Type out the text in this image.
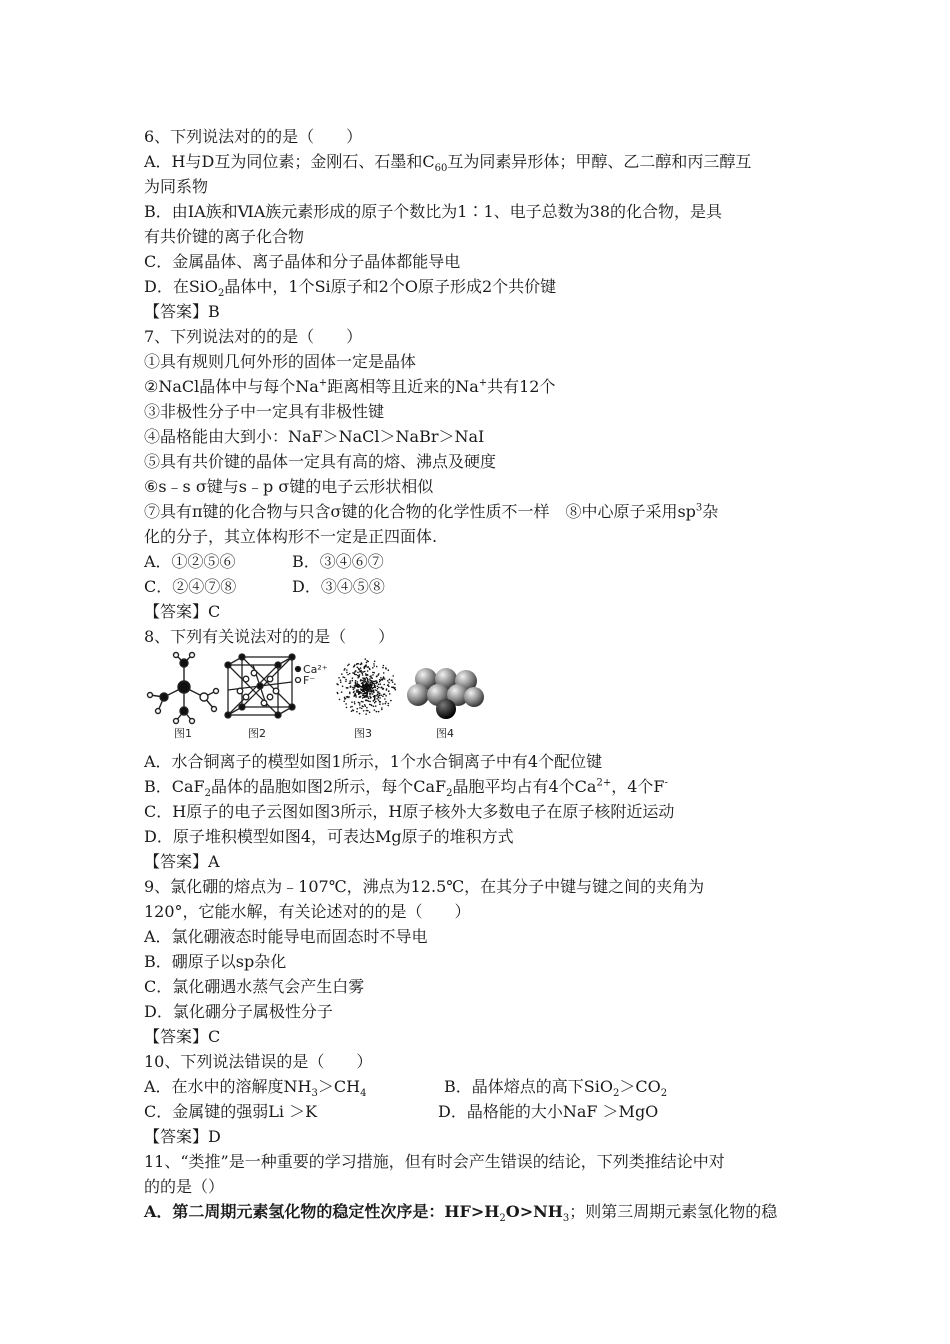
6、下列说法对的的是（　　）
A．H与D互为同位素；金刚石、石墨和$C_{60}$互为同素异形体；甲醇、乙二醇和丙三醇互
为同系物
B．由ⅠA族和ⅥA族元素形成的原子个数比为1∶1、电子总数为38的化合物，是具
有共价键的离子化合物
C．金属晶体、离子晶体和分子晶体都能导电
D．在SiO$_2$晶体中，1个Si原子和2个O原子形成2个共价键
【答案】B
7、下列说法对的的是（　　）
①具有规则几何外形的固体一定是晶体
②NaCl晶体中与每个Na+距离相等且近来的Na+共有12个
③非极性分子中一定具有非极性键
④晶格能由大到小：NaF＞NaCl＞NaBr＞NaI
⑤具有共价键的晶体一定具有高的熔、沸点及硬度
⑥s﹣s σ键与s﹣p σ键的电子云形状相似
⑦具有π键的化合物与只含σ键的化合物的化学性质不一样　⑧中心原子采用$sp^3$杂
化的分子，其立体构形不一定是正四面体.
A．①②⑤⑥	B．③④⑥⑦
C．②④⑦⑧	D．③④⑤⑧
【答案】C
8、下列有关说法对的的是（　　）
图1
Ca²⁺
F⁻
图2	图3	图4
A．水合铜离子的模型如图1所示，1个水合铜离子中有4个配位键
B．CaF$_2$晶体的晶胞如图2所示，每个CaF$_2$晶胞平均占有4个$Ca^{2+}$，4个F-
C．H原子的电子云图如图3所示，H原子核外大多数电子在原子核附近运动
D．原子堆积模型如图4，可表达Mg原子的堆积方式
【答案】A
9、氯化硼的熔点为﹣107℃，沸点为12.5℃，在其分子中键与键之间的夹角为
120°，它能水解，有关论述对的的是（　　）
A．氯化硼液态时能导电而固态时不导电
B．硼原子以sp杂化
C．氯化硼遇水蒸气会产生白雾
D．氯化硼分子属极性分子
【答案】C
10、下列说法错误的是（　　）
A．在水中的溶解度$NH_3>CH_4$	B．晶体熔点的高下$SiO_2>CO_2$
C．金属键的强弱Li ＞K	D．晶格能的大小NaF ＞MgO
【答案】D
11、“类推”是一种重要的学习措施，但有时会产生错误的结论，下列类推结论中对
的的是（）
A．第二周期元素氢化物的稳定性次序是：$HF>H_2O>NH_3$；则第三周期元素氢化物的稳
